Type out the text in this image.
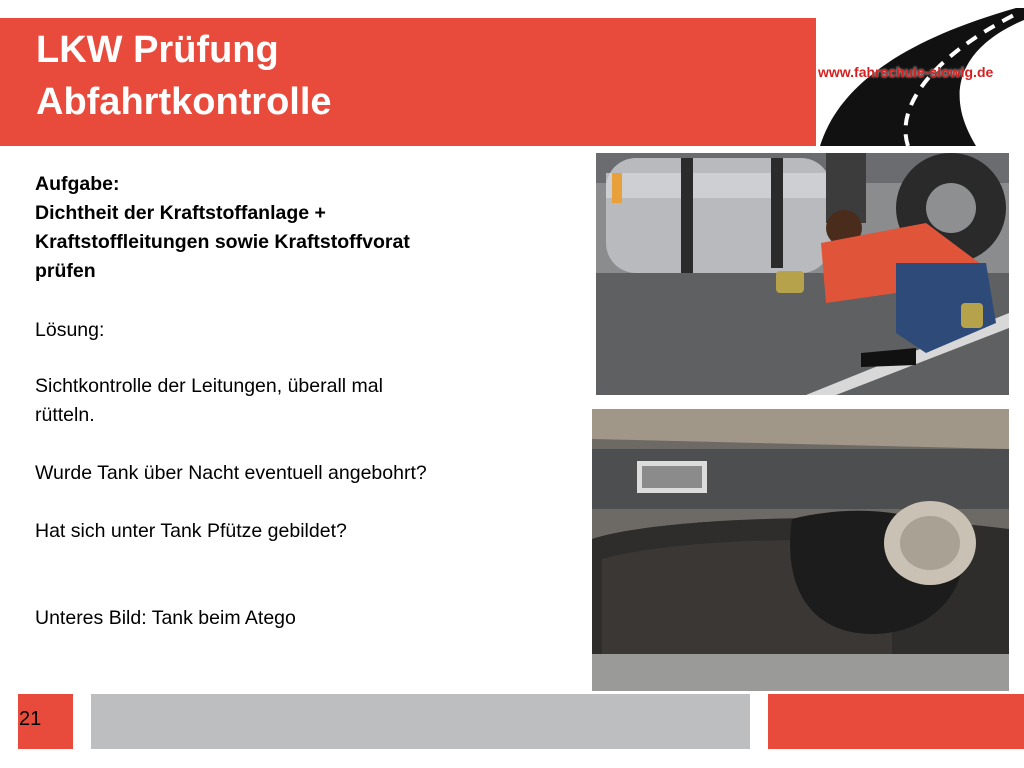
LKW Prüfung
Abfahrtkontrolle
www.fahrschule-slowig.de
Aufgabe:
Dichtheit der Kraftstoffanlage +
Kraftstoffleitungen sowie Kraftstoffvorat
prüfen
Lösung:
Sichtkontrolle der Leitungen, überall mal
rütteln.
Wurde Tank über Nacht eventuell angebohrt?
Hat sich unter Tank Pfütze gebildet?
Unteres Bild: Tank beim Atego
21
